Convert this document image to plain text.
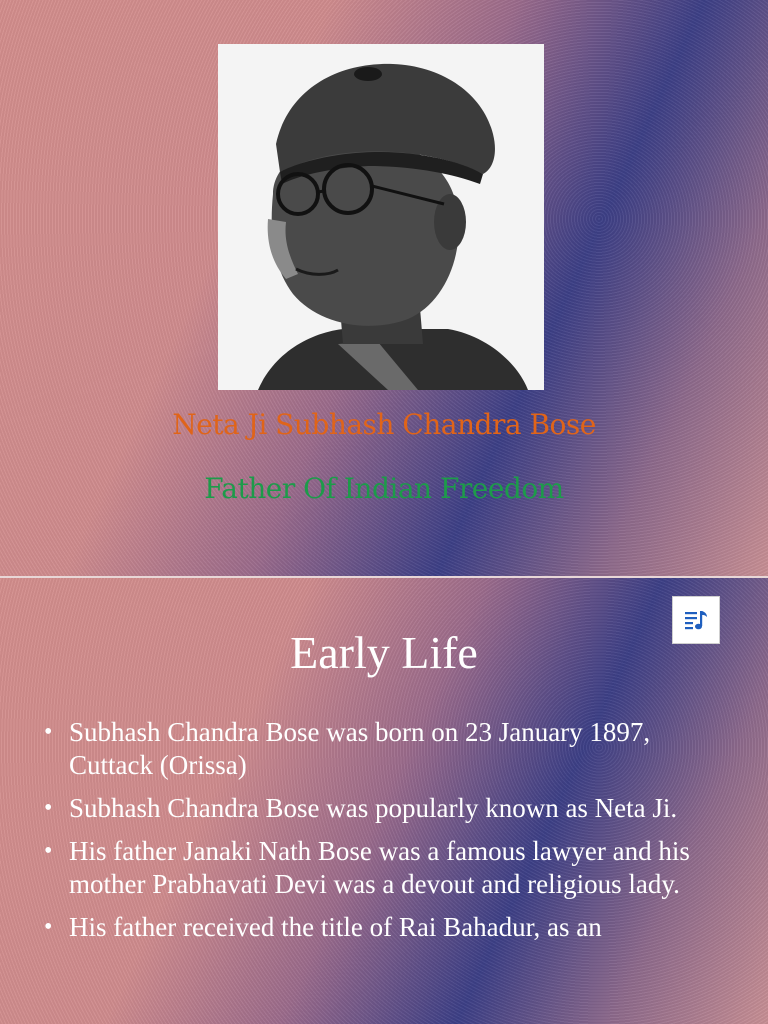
Neta Ji Subhash Chandra Bose
Father Of Indian Freedom
Early Life
• Subhash Chandra Bose was born on 23 January 1897, Cuttack (Orissa)
• Subhash Chandra Bose was popularly known as Neta Ji.
• His father Janaki Nath Bose was a famous lawyer and his mother Prabhavati Devi was a devout and religious lady.
• His father received the title of Rai Bahadur, as an
